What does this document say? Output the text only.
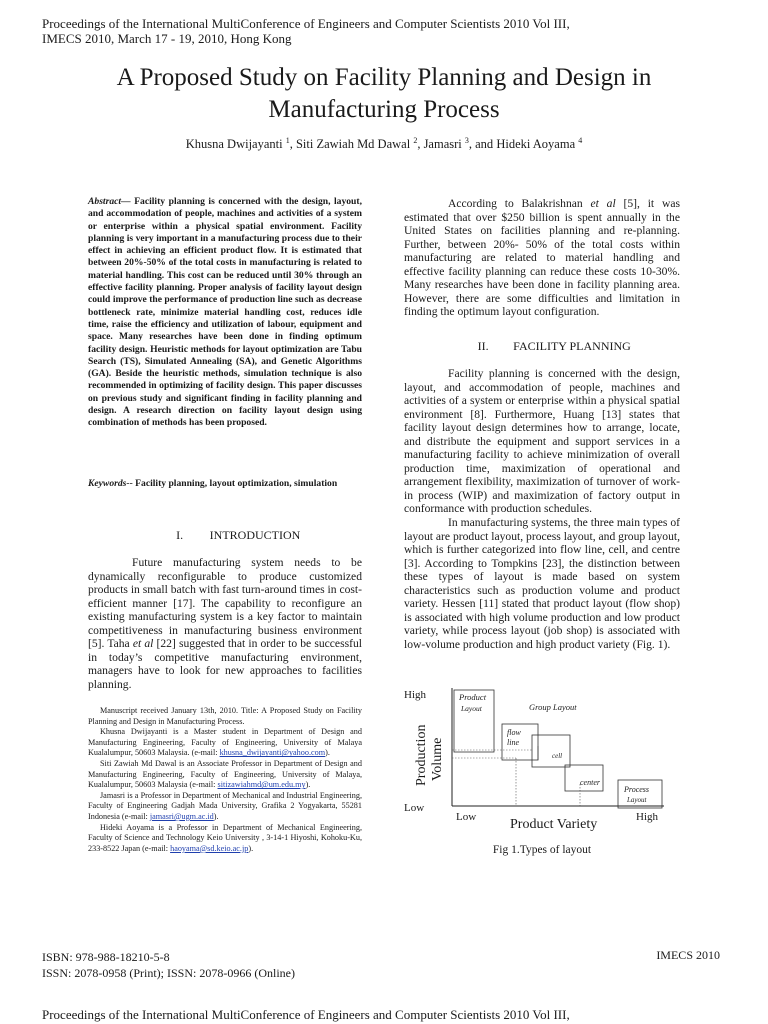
Proceedings of the International MultiConference of Engineers and Computer Scientists 2010 Vol III,
IMECS 2010, March 17 - 19, 2010, Hong Kong
A Proposed Study on Facility Planning and Design in Manufacturing Process
Khusna Dwijayanti $^1$, Siti Zawiah Md Dawal $^2$, Jamasri $^3$, and Hideki Aoyama $^4$
Abstract— Facility planning is concerned with the design, layout, and accommodation of people, machines and activities of a system or enterprise within a physical spatial environment. Facility planning is very important in a manufacturing process due to their effect in achieving an efficient product flow. It is estimated that between 20%-50% of the total costs in manufacturing is related to material handling. This cost can be reduced until 30% through an effective facility planning. Proper analysis of facility layout design could improve the performance of production line such as decrease bottleneck rate, minimize material handling cost, reduces idle time, raise the efficiency and utilization of labour, equipment and space. Many researches have been done in finding optimum facility design. Heuristic methods for layout optimization are Tabu Search (TS), Simulated Annealing (SA), and Genetic Algorithms (GA). Beside the heuristic methods, simulation technique is also recommended in optimizing of facility design. This paper discusses on previous study and significant finding in facility planning and design. A research direction on facility layout design using combination of methods has been proposed.
Keywords-- Facility planning, layout optimization, simulation
I. INTRODUCTION

Future manufacturing system needs to be dynamically reconfigurable to produce customized products in small batch with fast turn-around times in cost-efficient manner [17]. The capability to reconfigure an existing manufacturing system is a key factor to maintain competitiveness in manufacturing business environment [5]. Taha et al [22] suggested that in order to be successful in today’s competitive manufacturing environment, managers have to look for new approaches to facilities planning.

Manuscript received January 13th, 2010. Title: A Proposed Study on Facility Planning and Design in Manufacturing Process.

Khusna Dwijayanti is a Master student in Department of Design and Manufacturing Engineering, Faculty of Engineering, University of Malaya Kualalumpur, 50603 Malaysia. (e-mail: khusna_dwijayanti@yahoo.com).

Siti Zawiah Md Dawal is an Associate Professor in Department of Design and Manufacturing Engineering, Faculty of Engineering, University of Malaya, Kualalumpur, 50603 Malaysia (e-mail: sitizawiahmd@um.edu.my).

Jamasri is a Professor in Department of Mechanical and Industrial Engineering, Faculty of Engineering Gadjah Mada University, Grafika 2 Yogyakarta, 55281 Indonesia (e-mail: jamasri@ugm.ac.id).

Hideki Aoyama is a Professor in Department of Mechanical Engineering, Faculty of Science and Technology Keio University , 3-14-1 Hiyoshi, Kohoku-Ku, 233-8522 Japan (e-mail: haoyama@sd.keio.ac.jp).

According to Balakrishnan et al [5], it was estimated that over $250 billion is spent annually in the United States on facilities planning and re-planning. Further, between 20%- 50% of the total costs within manufacturing are related to material handling and effective facility planning can reduce these costs 10-30%. Many researches have been done in facility planning area. However, there are some difficulties and limitation in finding the optimum layout configuration.

II. FACILITY PLANNING

Facility planning is concerned with the design, layout, and accommodation of people, machines and activities of a system or enterprise within a physical spatial environment [8]. Furthermore, Huang [13] states that facility layout design determines how to arrange, locate, and distribute the equipment and support services in a manufacturing facility to achieve minimization of overall production time, maximization of operational and arrangement flexibility, maximization of turnover of work-in process (WIP) and maximization of factory output in conformance with production schedules.

In manufacturing systems, the three main types of layout are product layout, process layout, and group layout, which is further categorized into flow line, cell, and centre [3]. According to Tompkins [23], the distinction between these types of layout is made based on system characteristics such as production volume and product variety. Hessen [11] stated that product layout (flow shop) is associated with high volume production and low product variety, while process layout (job shop) is associated with low-volume production and high product variety (Fig. 1).

High
Low
Production Volume
Low	High
Product Variety
Product
Layout	Group Layout
flow
line
cell
center
Process
Layout
Fig 1.Types of layout
ISBN: 978-988-18210-5-8
ISSN: 2078-0958 (Print); ISSN: 2078-0966 (Online)
IMECS 2010
Proceedings of the International MultiConference of Engineers and Computer Scientists 2010 Vol III,
